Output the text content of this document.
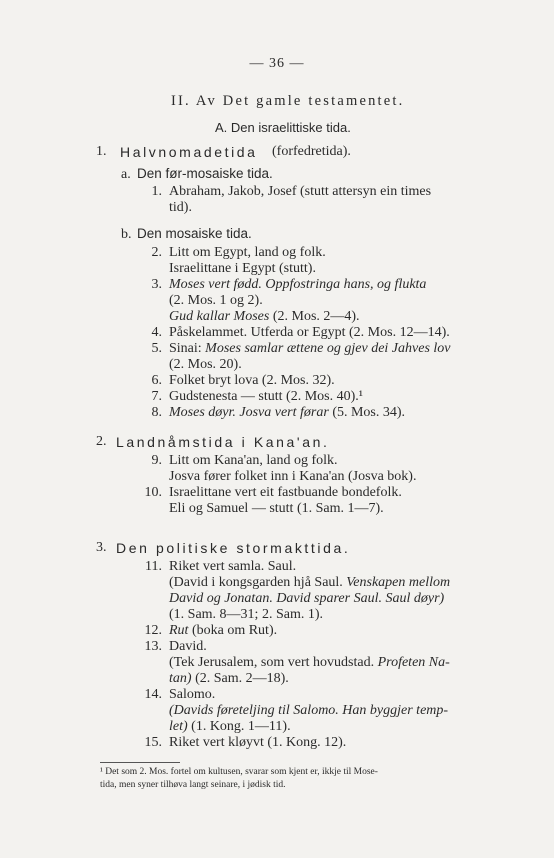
— 36 —
II. Av Det gamle testamentet.
A. Den israelittiske tida.
1. Halvnomadetida (forfedretida).
a. Den før-mosaiske tida.
1. Abraham, Jakob, Josef (stutt attersyn ein times
tid).
b. Den mosaiske tida.
2. Litt om Egypt, land og folk.
Israelittane i Egypt (stutt).
3. Moses vert fødd. Oppfostringa hans, og flukta
(2. Mos. 1 og 2).
Gud kallar Moses (2. Mos. 2—4).
4. Påskelammet. Utferda or Egypt (2. Mos. 12—14).
5. Sinai: Moses samlar ættene og gjev dei Jahves lov
(2. Mos. 20).
6. Folket bryt lova (2. Mos. 32).
7. Gudstenesta — stutt (2. Mos. 40).¹
8. Moses døyr. Josva vert førar (5. Mos. 34).
2. Landnåmstida i Kana'an.
9. Litt om Kana'an, land og folk.
Josva fører folket inn i Kana'an (Josva bok).
10. Israelittane vert eit fastbuande bondefolk.
Eli og Samuel — stutt (1. Sam. 1—7).
3. Den politiske stormakttida.
11. Riket vert samla. Saul.
(David i kongsgarden hjå Saul. Venskapen mellom
David og Jonatan. David sparer Saul. Saul døyr)
(1. Sam. 8—31; 2. Sam. 1).
12. Rut (boka om Rut).
13. David.
(Tek Jerusalem, som vert hovudstad. Profeten Na-
tan) (2. Sam. 2—18).
14. Salomo.
(Davids føreteljing til Salomo. Han byggjer temp-
let) (1. Kong. 1—11).
15. Riket vert kløyvt (1. Kong. 12).
¹ Det som 2. Mos. fortel om kultusen, svarar som kjent er, ikkje til Mose-
tida, men syner tilhøva langt seinare, i jødisk tid.
